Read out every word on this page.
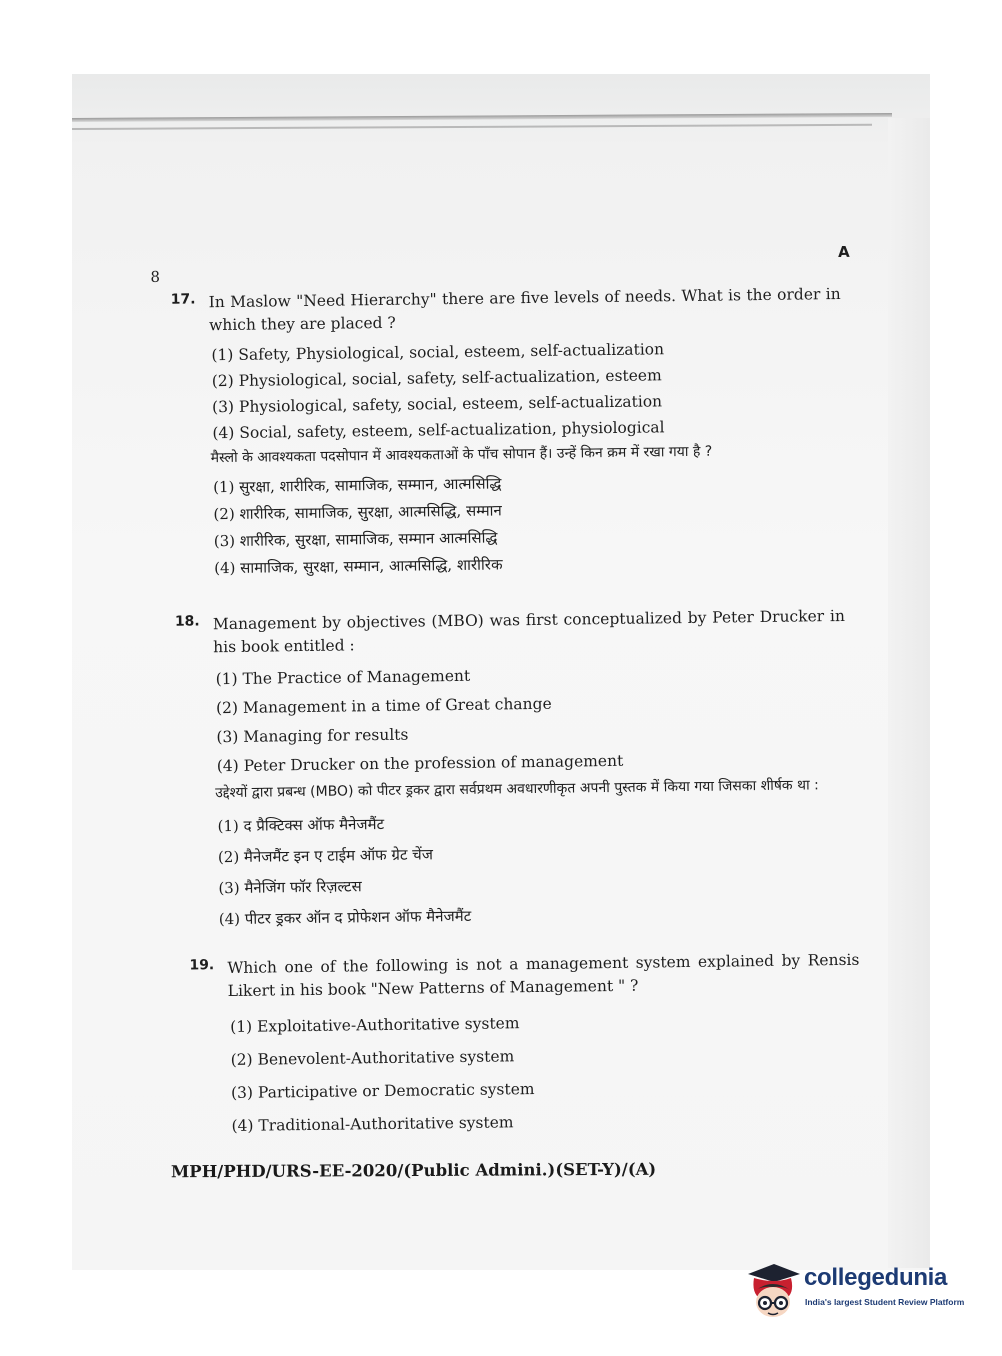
8
A
17. In Maslow "Need Hierarchy" there are five levels of needs. What is the order in which they are placed ?
(1) Safety, Physiological, social, esteem, self-actualization
(2) Physiological, social, safety, self-actualization, esteem
(3) Physiological, safety, social, esteem, self-actualization
(4) Social, safety, esteem, self-actualization, physiological
मैस्लो के आवश्यकता पदसोपान में आवश्यकताओं के पाँच सोपान हैं। उन्हें किन क्रम में रखा गया है ?
(1) सुरक्षा, शारीरिक, सामाजिक, सम्मान, आत्मसिद्धि
(2) शारीरिक, सामाजिक, सुरक्षा, आत्मसिद्धि, सम्मान
(3) शारीरिक, सुरक्षा, सामाजिक, सम्मान आत्मसिद्धि
(4) सामाजिक, सुरक्षा, सम्मान, आत्मसिद्धि, शारीरिक
18. Management by objectives (MBO) was first conceptualized by Peter Drucker in his book entitled :
(1) The Practice of Management
(2) Management in a time of Great change
(3) Managing for results
(4) Peter Drucker on the profession of management
उद्देश्यों द्वारा प्रबन्ध (MBO) को पीटर ड्रकर द्वारा सर्वप्रथम अवधारणीकृत अपनी पुस्तक में किया गया जिसका शीर्षक था :
(1) द प्रैक्टिक्स ऑफ मैनेजमैंट
(2) मैनेजमैंट इन ए टाईम ऑफ ग्रेट चेंज
(3) मैनेजिंग फॉर रिज़ल्टस
(4) पीटर ड्रकर ऑन द प्रोफेशन ऑफ मैनेजमैंट
19. Which one of the following is not a management system explained by Rensis Likert in his book "New Patterns of Management " ?
(1) Exploitative-Authoritative system
(2) Benevolent-Authoritative system
(3) Participative or Democratic system
(4) Traditional-Authoritative system
MPH/PHD/URS-EE-2020/(Public Admini.)(SET-Y)/(A)
collegedunia
India's largest Student Review Platform
